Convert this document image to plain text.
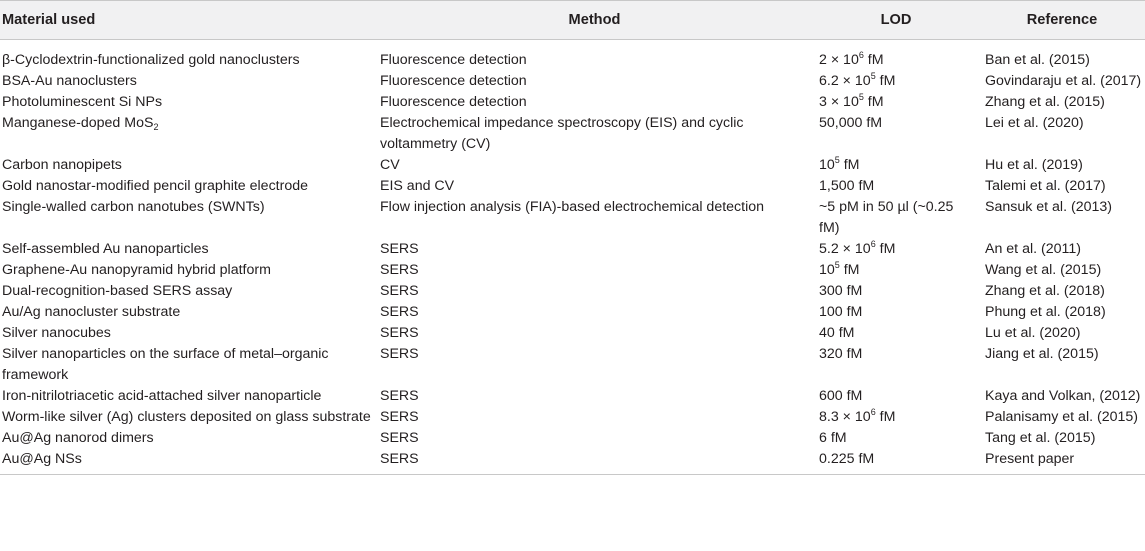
Material used	Method	LOD	Reference
β-Cyclodextrin-functionalized gold nanoclusters	Fluorescence detection	$2 \times 10^6$ fM	Ban et al. (2015)
BSA-Au nanoclusters	Fluorescence detection	$6.2 \times 10^5$ fM	Govindaraju et al. (2017)
Photoluminescent Si NPs	Fluorescence detection	$3 \times 10^5$ fM	Zhang et al. (2015)
Manganese-doped MoS$_2$	Electrochemical impedance spectroscopy (EIS) and cyclic voltammetry (CV)	50,000 fM	Lei et al. (2020)
Carbon nanopipets	CV	$10^5$ fM	Hu et al. (2019)
Gold nanostar-modified pencil graphite electrode	EIS and CV	1,500 fM	Talemi et al. (2017)
Single-walled carbon nanotubes (SWNTs)	Flow injection analysis (FIA)-based electrochemical detection	~5 pM in 50 µl (~0.25 fM)	Sansuk et al. (2013)
Self-assembled Au nanoparticles	SERS	$5.2 \times 10^6$ fM	An et al. (2011)
Graphene-Au nanopyramid hybrid platform	SERS	$10^5$ fM	Wang et al. (2015)
Dual-recognition-based SERS assay	SERS	300 fM	Zhang et al. (2018)
Au/Ag nanocluster substrate	SERS	100 fM	Phung et al. (2018)
Silver nanocubes	SERS	40 fM	Lu et al. (2020)
Silver nanoparticles on the surface of metal–organic framework	SERS	320 fM	Jiang et al. (2015)
Iron-nitrilotriacetic acid-attached silver nanoparticle	SERS	600 fM	Kaya and Volkan, (2012)
Worm-like silver (Ag) clusters deposited on glass substrate	SERS	$8.3 \times 10^6$ fM	Palanisamy et al. (2015)
Au@Ag nanorod dimers	SERS	6 fM	Tang et al. (2015)
Au@Ag NSs	SERS	0.225 fM	Present paper
